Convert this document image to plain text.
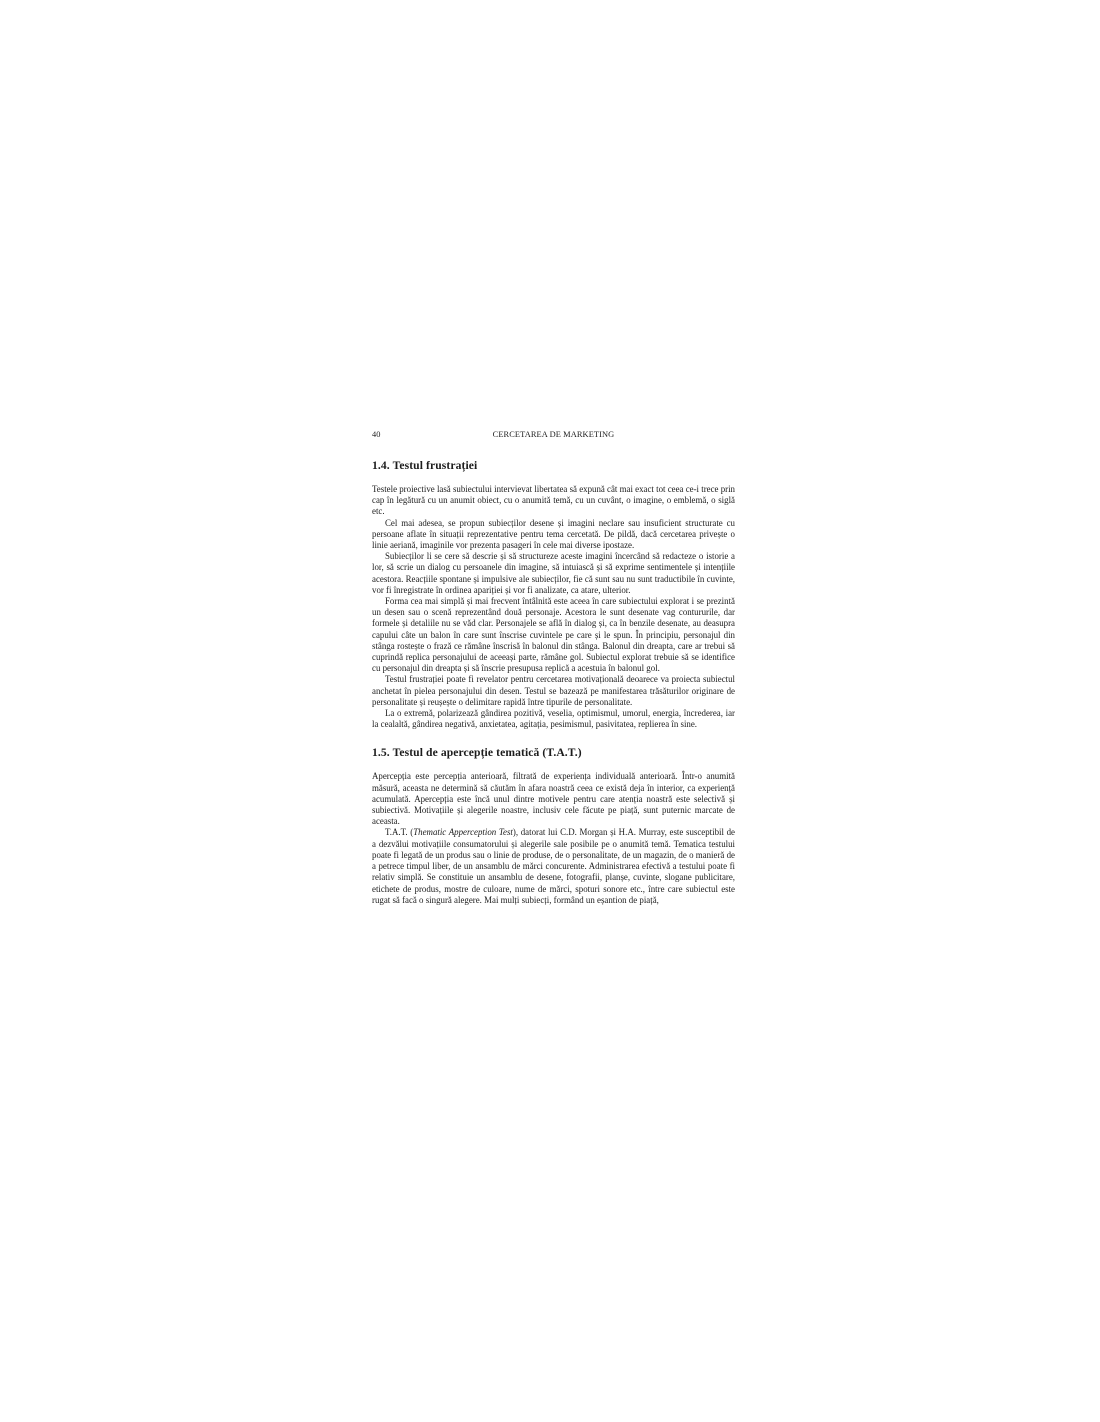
40	CERCETAREA DE MARKETING
1.4. Testul frustrației

Testele proiective lasă subiectului intervievat libertatea să expună cât mai exact tot ceea ce-i trece prin cap în legătură cu un anumit obiect, cu o anumită temă, cu un cuvânt, o imagine, o emblemă, o siglă etc.

Cel mai adesea, se propun subiecților desene și imagini neclare sau insuficient structurate cu persoane aflate în situații reprezentative pentru tema cercetată. De pildă, dacă cercetarea privește o linie aeriană, imaginile vor prezenta pasageri în cele mai diverse ipostaze.

Subiecților li se cere să descrie și să structureze aceste imagini încercând să redacteze o istorie a lor, să scrie un dialog cu persoanele din imagine, să intuiască și să exprime sentimentele și intențiile acestora. Reacțiile spontane și impulsive ale subiecților, fie că sunt sau nu sunt traductibile în cuvinte, vor fi înregistrate în ordinea apariției și vor fi analizate, ca atare, ulterior.

Forma cea mai simplă și mai frecvent întâlnită este aceea în care subiectului explorat i se prezintă un desen sau o scenă reprezentând două personaje. Acestora le sunt desenate vag contururile, dar formele și detaliile nu se văd clar. Personajele se află în dialog și, ca în benzile desenate, au deasupra capului câte un balon în care sunt înscrise cuvintele pe care și le spun. În principiu, personajul din stânga rostește o frază ce rămâne înscrisă în balonul din stânga. Balonul din dreapta, care ar trebui să cuprindă replica personajului de aceeași parte, rămâne gol. Subiectul explorat trebuie să se identifice cu personajul din dreapta și să înscrie presupusa replică a acestuia în balonul gol.

Testul frustrației poate fi revelator pentru cercetarea motivațională deoarece va proiecta subiectul anchetat în pielea personajului din desen. Testul se bazează pe manifestarea trăsăturilor originare de personalitate și reușește o delimitare rapidă între tipurile de personalitate.

La o extremă, polarizează gândirea pozitivă, veselia, optimismul, umorul, energia, încrederea, iar la cealaltă, gândirea negativă, anxietatea, agitația, pesimismul, pasivitatea, replierea în sine.

1.5. Testul de apercepție tematică (T.A.T.)

Apercepția este percepția anterioară, filtrată de experiența individuală anterioară. Într-o anumită măsură, aceasta ne determină să căutăm în afara noastră ceea ce există deja în interior, ca experiență acumulată. Apercepția este încă unul dintre motivele pentru care atenția noastră este selectivă și subiectivă. Motivațiile și alegerile noastre, inclusiv cele făcute pe piață, sunt puternic marcate de aceasta.

T.A.T. (Thematic Apperception Test), datorat lui C.D. Morgan și H.A. Murray, este susceptibil de a dezvălui motivațiile consumatorului și alegerile sale posibile pe o anumită temă. Tematica testului poate fi legată de un produs sau o linie de produse, de o personalitate, de un magazin, de o manieră de a petrece timpul liber, de un ansamblu de mărci concurente. Administrarea efectivă a testului poate fi relativ simplă. Se constituie un ansamblu de desene, fotografii, planșe, cuvinte, slogane publicitare, etichete de produs, mostre de culoare, nume de mărci, spoturi sonore etc., între care subiectul este rugat să facă o singură alegere. Mai mulți subiecți, formând un eșantion de piață,
